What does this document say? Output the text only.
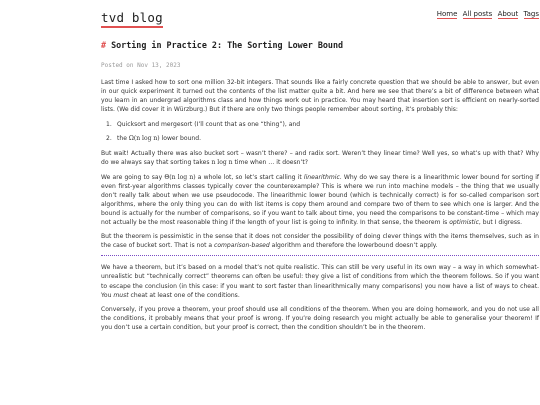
tvd blog	Home All posts About Tags
# Sorting in Practice 2: The Sorting Lower Bound
Posted on Nov 13, 2023

Last time I asked how to sort one million 32-bit integers. That sounds like a fairly concrete question that we should be able to answer, but even in our quick experiment it turned out the contents of the list matter quite a bit. And here we see that there’s a bit of difference between what you learn in an undergrad algorithms class and how things work out in practice. You may heard that insertion sort is efficient on nearly-sorted lists. (We did cover it in Würzburg.) But if there are only two things people remember about sorting, it’s probably this:

1. Quicksort and mergesort (I’ll count that as one “thing”), and
2. the Ω(n log n) lower bound.

But wait! Actually there was also bucket sort – wasn’t there? – and radix sort. Weren’t they linear time? Well yes, so what’s up with that? Why do we always say that sorting takes n log n time when … it doesn’t?

We are going to say Θ(n log n) a whole lot, so let’s start calling it linearithmic. Why do we say there is a linearithmic lower bound for sorting if even first-year algorithms classes typically cover the counterexample? This is where we run into machine models – the thing that we usually don’t really talk about when we use pseudocode. The linearithmic lower bound (which is technically correct) is for so-called comparison sort algorithms, where the only thing you can do with list items is copy them around and compare two of them to see which one is larger. And the bound is actually for the number of comparisons, so if you want to talk about time, you need the comparisons to be constant-time – which may not actually be the most reasonable thing if the length of your list is going to infinity. In that sense, the theorem is optimistic, but I digress.

But the theorem is pessimistic in the sense that it does not consider the possibility of doing clever things with the items themselves, such as in the case of bucket sort. That is not a comparison-based algorithm and therefore the lowerbound doesn’t apply.

We have a theorem, but it’s based on a model that’s not quite realistic. This can still be very useful in its own way – a way in which somewhat-unrealistic but “technically correct” theorems can often be useful: they give a list of conditions from which the theorem follows. So if you want to escape the conclusion (in this case: if you want to sort faster than linearithmically many comparisons) you now have a list of ways to cheat. You must cheat at least one of the conditions.

Conversely, if you prove a theorem, your proof should use all conditions of the theorem. When you are doing homework, and you do not use all the conditions, it probably means that your proof is wrong. If you’re doing research you might actually be able to generalise your theorem! If you don’t use a certain condition, but your proof is correct, then the condition shouldn’t be in the theorem.
